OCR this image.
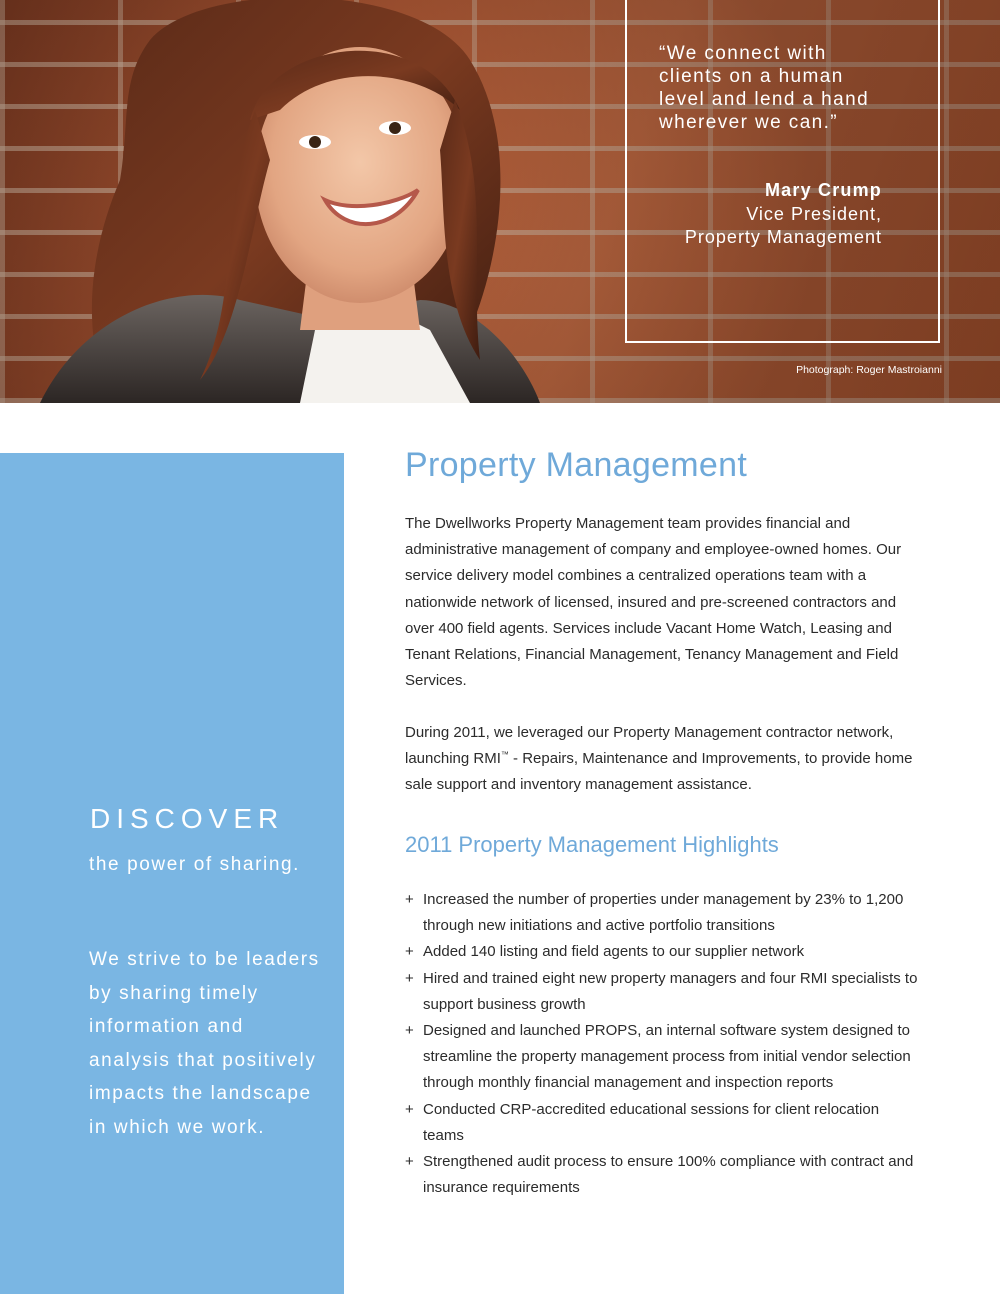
“We connect with
clients on a human
level and lend a hand
wherever we can.”

Mary Crump

Vice President,
Property Management

Photograph: Roger Mastroianni

DISCOVER

the power of sharing.

We strive to be leaders by sharing timely information and analysis that positively impacts the landscape in which we work.

Property Management

The Dwellworks Property Management team provides financial and administrative management of company and employee-owned homes. Our service delivery model combines a centralized operations team with a nationwide network of licensed, insured and pre-screened contractors and over 400 field agents. Services include Vacant Home Watch, Leasing and Tenant Relations, Financial Management, Tenancy Management and Field Services.

During 2011, we leveraged our Property Management contractor network, launching RMI™ - Repairs, Maintenance and Improvements, to provide home sale support and inventory management assistance.

2011 Property Management Highlights
+ Increased the number of properties under management by 23% to 1,200 through new initiations and active portfolio transitions
+ Added 140 listing and field agents to our supplier network
+ Hired and trained eight new property managers and four RMI specialists to support business growth
+ Designed and launched PROPS, an internal software system designed to streamline the property management process from initial vendor selection through monthly financial management and inspection reports
+ Conducted CRP-accredited educational sessions for client relocation teams
+ Strengthened audit process to ensure 100% compliance with contract and insurance requirements
